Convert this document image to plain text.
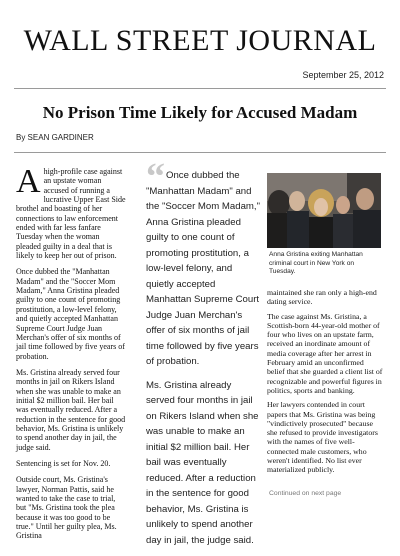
WALL STREET JOURNAL
September 25, 2012
No Prison Time Likely for Accused Madam
By SEAN GARDINER

Ahigh-profile case against an upstate woman accused of running a lucrative Upper East Side brothel and boasting of her connections to law enforcement ended with far less fanfare Tuesday when the woman pleaded guilty in a deal that is likely to keep her out of prison.

Once dubbed the "Manhattan Madam" and the "Soccer Mom Madam," Anna Gristina pleaded guilty to one count of promoting prostitution, a low-level felony, and quietly accepted Manhattan Supreme Court Judge Juan Merchan's offer of six months of jail time followed by five years of probation.

Ms. Gristina already served four months in jail on Rikers Island when she was unable to make an initial $2 million bail. Her bail was eventually reduced. After a reduction in the sentence for good behavior, Ms. Gristina is unlikely to spend another day in jail, the judge said.

Sentencing is set for Nov. 20.

Outside court, Ms. Gristina's lawyer, Norman Pattis, said he wanted to take the case to trial, but "Ms. Gristina took the plea because it was too good to be true." Until her guilty plea, Ms. Gristina

“ Once dubbed the "Manhattan Madam" and the "Soccer Mom Madam," Anna Gristina pleaded guilty to one count of promoting prostitution, a low-level felony, and quietly accepted Manhattan Supreme Court Judge Juan Merchan's offer of six months of jail time followed by five years of probation.

Ms. Gristina already served four months in jail on Rikers Island when she was unable to make an initial $2 million bail. Her bail was eventually reduced. After a reduction in the sentence for good behavior, Ms. Gristina is unlikely to spend another day in jail, the judge said.

Anna Gristina exiting Manhattan criminal court in New York on Tuesday.

maintained she ran only a high-end dating service.

The case against Ms. Gristina, a Scottish-born 44-year-old mother of four who lives on an upstate farm, received an inordinate amount of media coverage after her arrest in February amid an unconfirmed belief that she guarded a client list of recognizable and powerful figures in politics, sports and banking.

Her lawyers contended in court papers that Ms. Gristina was being "vindictively prosecuted" because she refused to provide investigators with the names of five well-connected male customers, who weren't identified. No list ever materialized publicly.

Continued on next page
